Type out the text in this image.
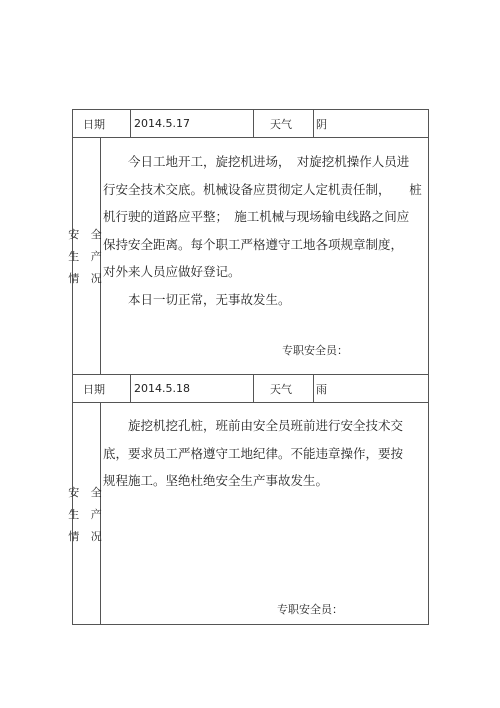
日期	2014.5.17	天气 阴
安 全
生 产
情 况

　　今日工地开工，旋挖机进场，　对旋挖机操作人员进
行安全技术交底。机械设备应贯彻定人定机责任制，　　桩
机行驶的道路应平整；　施工机械与现场输电线路之间应
保持安全距离。每个职工严格遵守工地各项规章制度，
对外来人员应做好登记。

　　本日一切正常，无事故发生。

专职安全员：
日期	2014.5.18	天气 雨
安 全
生 产
情 况

　　旋挖机挖孔桩，班前由安全员班前进行安全技术交
底，要求员工严格遵守工地纪律。不能违章操作，要按
规程施工。坚绝杜绝安全生产事故发生。

专职安全员：
